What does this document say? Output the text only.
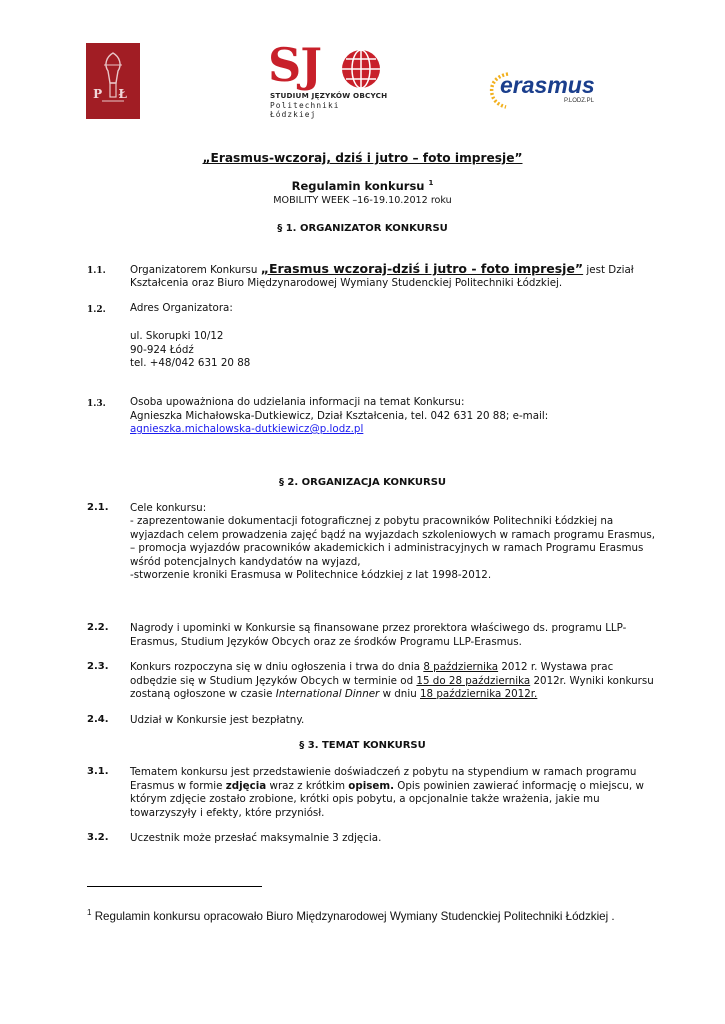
P Ł
SJ
STUDIUM JĘZYKÓW OBCYCH
Politechniki Łódzkiej
erasmus
P.LODZ.PL
„Erasmus-wczoraj, dziś i jutro – foto impresje”
Regulamin konkursu $^1$
MOBILITY WEEK –16-19.10.2012 roku
§ 1. ORGANIZATOR KONKURSU
1.1. Organizatorem Konkursu „Erasmus wczoraj-dziś i jutro - foto impresje” jest Dział
Kształcenia oraz Biuro Międzynarodowej Wymiany Studenckiej Politechniki Łódzkiej.
1.2. Adres Organizatora:
ul. Skorupki 10/12
90-924 Łódź
tel. +48/042 631 20 88
1.3. Osoba upoważniona do udzielania informacji na temat Konkursu:
Agnieszka Michałowska-Dutkiewicz, Dział Kształcenia, tel. 042 631 20 88; e-mail:
agnieszka.michalowska-dutkiewicz@p.lodz.pl
§ 2. ORGANIZACJA KONKURSU
2.1. Cele konkursu:
- zaprezentowanie dokumentacji fotograficznej z pobytu pracowników Politechniki Łódzkiej na
wyjazdach celem prowadzenia zajęć bądź na wyjazdach szkoleniowych w ramach programu Erasmus,
– promocja wyjazdów pracowników akademickich i administracyjnych w ramach Programu Erasmus
wśród potencjalnych kandydatów na wyjazd,
-stworzenie kroniki Erasmusa w Politechnice Łódzkiej z lat 1998-2012.
2.2. Nagrody i upominki w Konkursie są finansowane przez prorektora właściwego ds. programu LLP-
Erasmus, Studium Języków Obcych oraz ze środków Programu LLP-Erasmus.
2.3. Konkurs rozpoczyna się w dniu ogłoszenia i trwa do dnia 8 października 2012 r. Wystawa prac
odbędzie się w Studium Języków Obcych w terminie od 15 do 28 października 2012r. Wyniki konkursu
zostaną ogłoszone w czasie International Dinner w dniu 18 października 2012r.
2.4. Udział w Konkursie jest bezpłatny.
§ 3. TEMAT KONKURSU
3.1. Tematem konkursu jest przedstawienie doświadczeń z pobytu na stypendium w ramach programu
Erasmus w formie zdjęcia wraz z krótkim opisem. Opis powinien zawierać informację o miejscu, w
którym zdjęcie zostało zrobione, krótki opis pobytu, a opcjonalnie także wrażenia, jakie mu
towarzyszyły i efekty, które przyniósł.
3.2. Uczestnik może przesłać maksymalnie 3 zdjęcia.
$^1$ Regulamin konkursu opracowało Biuro Międzynarodowej Wymiany Studenckiej Politechniki Łódzkiej .
